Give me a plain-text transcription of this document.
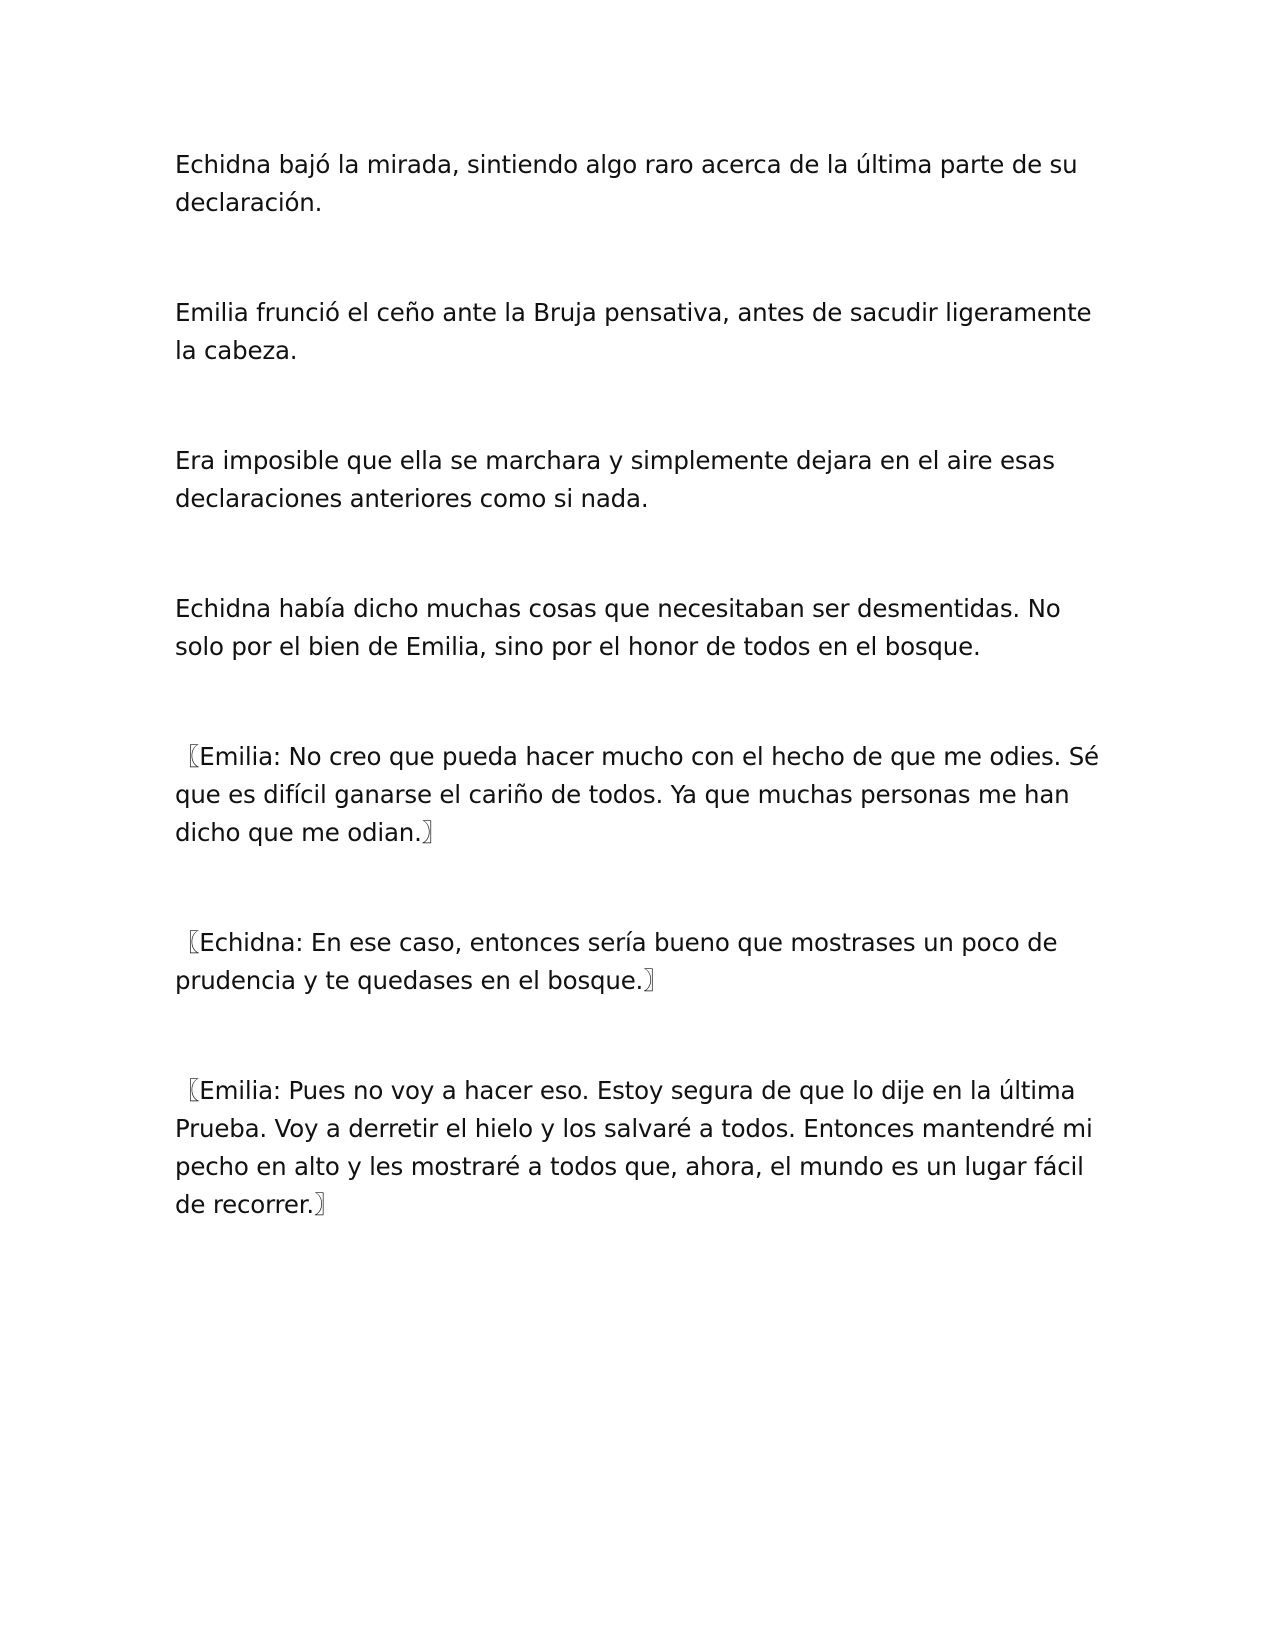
Echidna bajó la mirada, sintiendo algo raro acerca de la última parte de su declaración.

Emilia frunció el ceño ante la Bruja pensativa, antes de sacudir ligeramente la cabeza.

Era imposible que ella se marchara y simplemente dejara en el aire esas declaraciones anteriores como si nada.

Echidna había dicho muchas cosas que necesitaban ser desmentidas. No solo por el bien de Emilia, sino por el honor de todos en el bosque.

〖Emilia: No creo que pueda hacer mucho con el hecho de que me odies. Sé que es difícil ganarse el cariño de todos. Ya que muchas personas me han dicho que me odian.〗

〖Echidna: En ese caso, entonces sería bueno que mostrases un poco de prudencia y te quedases en el bosque.〗

〖Emilia: Pues no voy a hacer eso. Estoy segura de que lo dije en la última Prueba. Voy a derretir el hielo y los salvaré a todos. Entonces mantendré mi pecho en alto y les mostraré a todos que, ahora, el mundo es un lugar fácil de recorrer.〗
